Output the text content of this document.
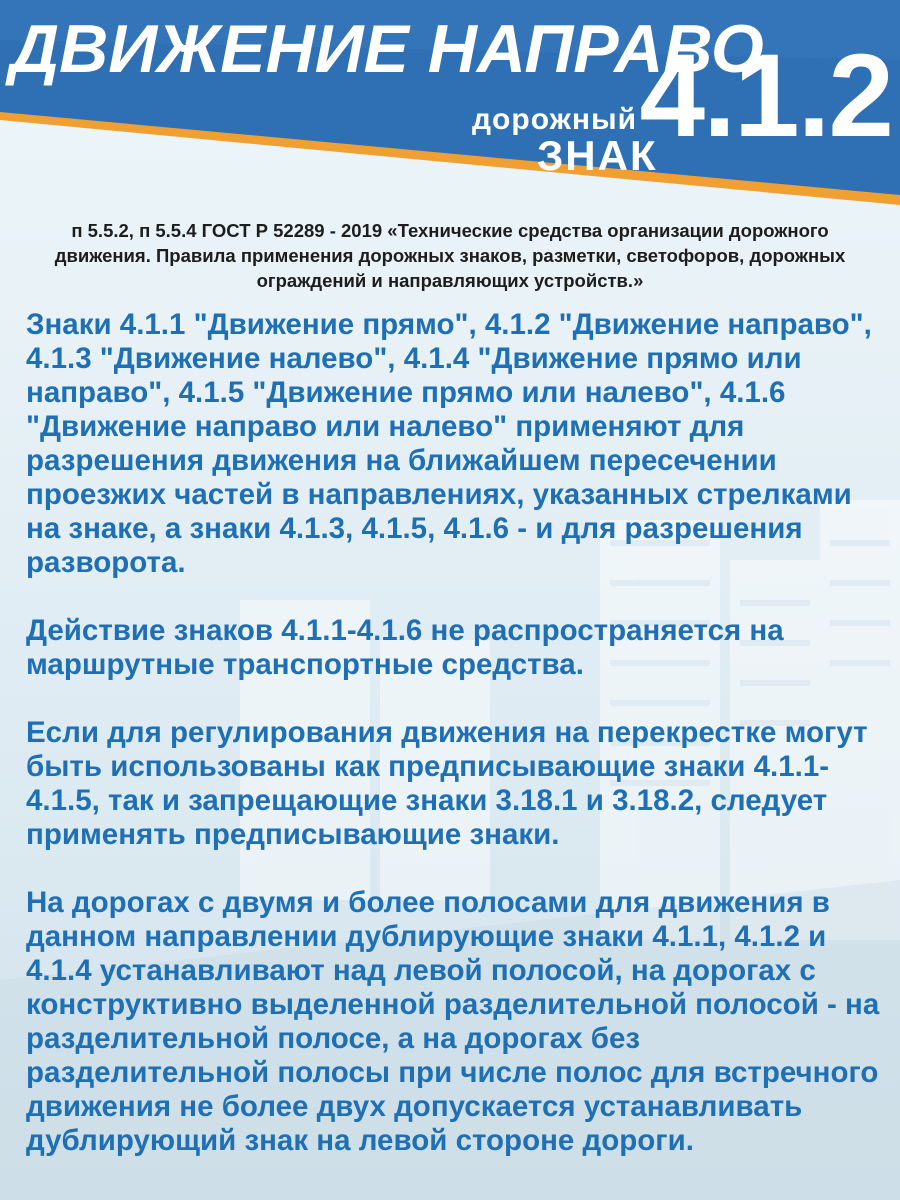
ДВИЖЕНИЕ НАПРАВО
4.1.2
дорожный
ЗНАК
п 5.5.2, п 5.5.4 ГОСТ Р 52289 - 2019 «Технические средства организации дорожного движения. Правила применения дорожных знаков, разметки, светофоров, дорожных ограждений и направляющих устройств.»

Знаки 4.1.1 "Движение прямо", 4.1.2 "Движение направо", 4.1.3 "Движение налево", 4.1.4 "Движение прямо или направо", 4.1.5 "Движение прямо или налево", 4.1.6 "Движение направо или налево" применяют для разрешения движения на ближайшем пересечении проезжих частей в направлениях, указанных стрелками на знаке, а знаки 4.1.3, 4.1.5, 4.1.6 - и для разрешения разворота.

Действие знаков 4.1.1-4.1.6 не распространяется на маршрутные транспортные средства.

Если для регулирования движения на перекрестке могут быть использованы как предписывающие знаки 4.1.1-4.1.5, так и запрещающие знаки 3.18.1 и 3.18.2, следует применять предписывающие знаки.

На дорогах с двумя и более полосами для движения в данном направлении дублирующие знаки 4.1.1, 4.1.2 и 4.1.4 устанавливают над левой полосой, на дорогах с конструктивно выделенной разделительной полосой - на разделительной полосе, а на дорогах без разделительной полосы при числе полос для встречного движения не более двух допускается устанавливать дублирующий знак на левой стороне дороги.
